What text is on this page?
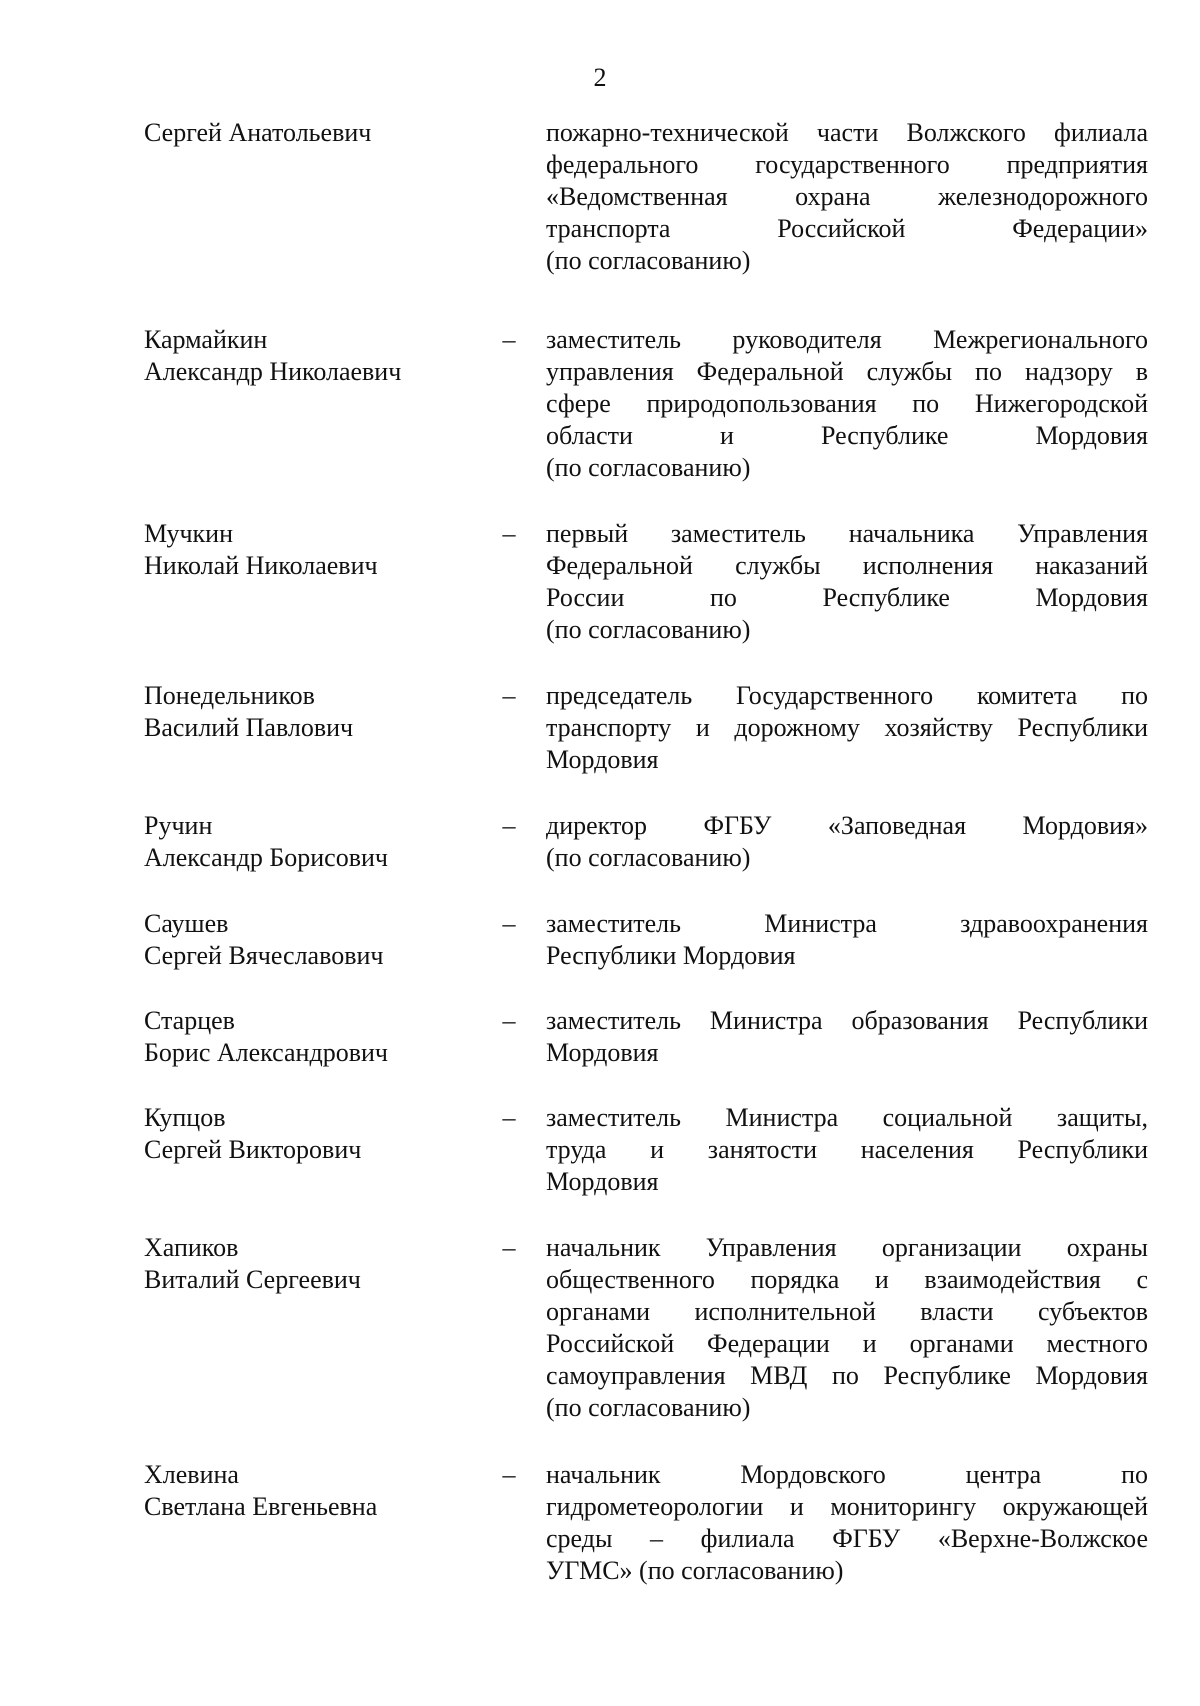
2
Сергей Анатольевич	пожарно-технической части Волжского филиала
федерального государственного предприятия
«Ведомственная охрана железнодорожного
транспорта Российской Федерации»
(по согласованию)
Кармайкин
Александр Николаевич
– заместитель руководителя Межрегионального
управления Федеральной службы по надзору в
сфере природопользования по Нижегородской
области и Республике Мордовия
(по согласованию)
Мучкин
Николай Николаевич
– первый заместитель начальника Управления
Федеральной службы исполнения наказаний
России по Республике Мордовия
(по согласованию)
Понедельников
Василий Павлович
– председатель Государственного комитета по
транспорту и дорожному хозяйству Республики
Мордовия
Ручин
Александр Борисович
– директор ФГБУ «Заповедная Мордовия»
(по согласованию)
Саушев
Сергей Вячеславович
– заместитель Министра здравоохранения
Республики Мордовия
Старцев
Борис Александрович
– заместитель Министра образования Республики
Мордовия
Купцов
Сергей Викторович
– заместитель Министра социальной защиты,
труда и занятости населения Республики
Мордовия
Хапиков
Виталий Сергеевич
– начальник Управления организации охраны
общественного порядка и взаимодействия с
органами исполнительной власти субъектов
Российской Федерации и органами местного
самоуправления МВД по Республике Мордовия
(по согласованию)
Хлевина
Светлана Евгеньевна
– начальник Мордовского центра по
гидрометеорологии и мониторингу окружающей
среды – филиала ФГБУ «Верхне-Волжское
УГМС» (по согласованию)
